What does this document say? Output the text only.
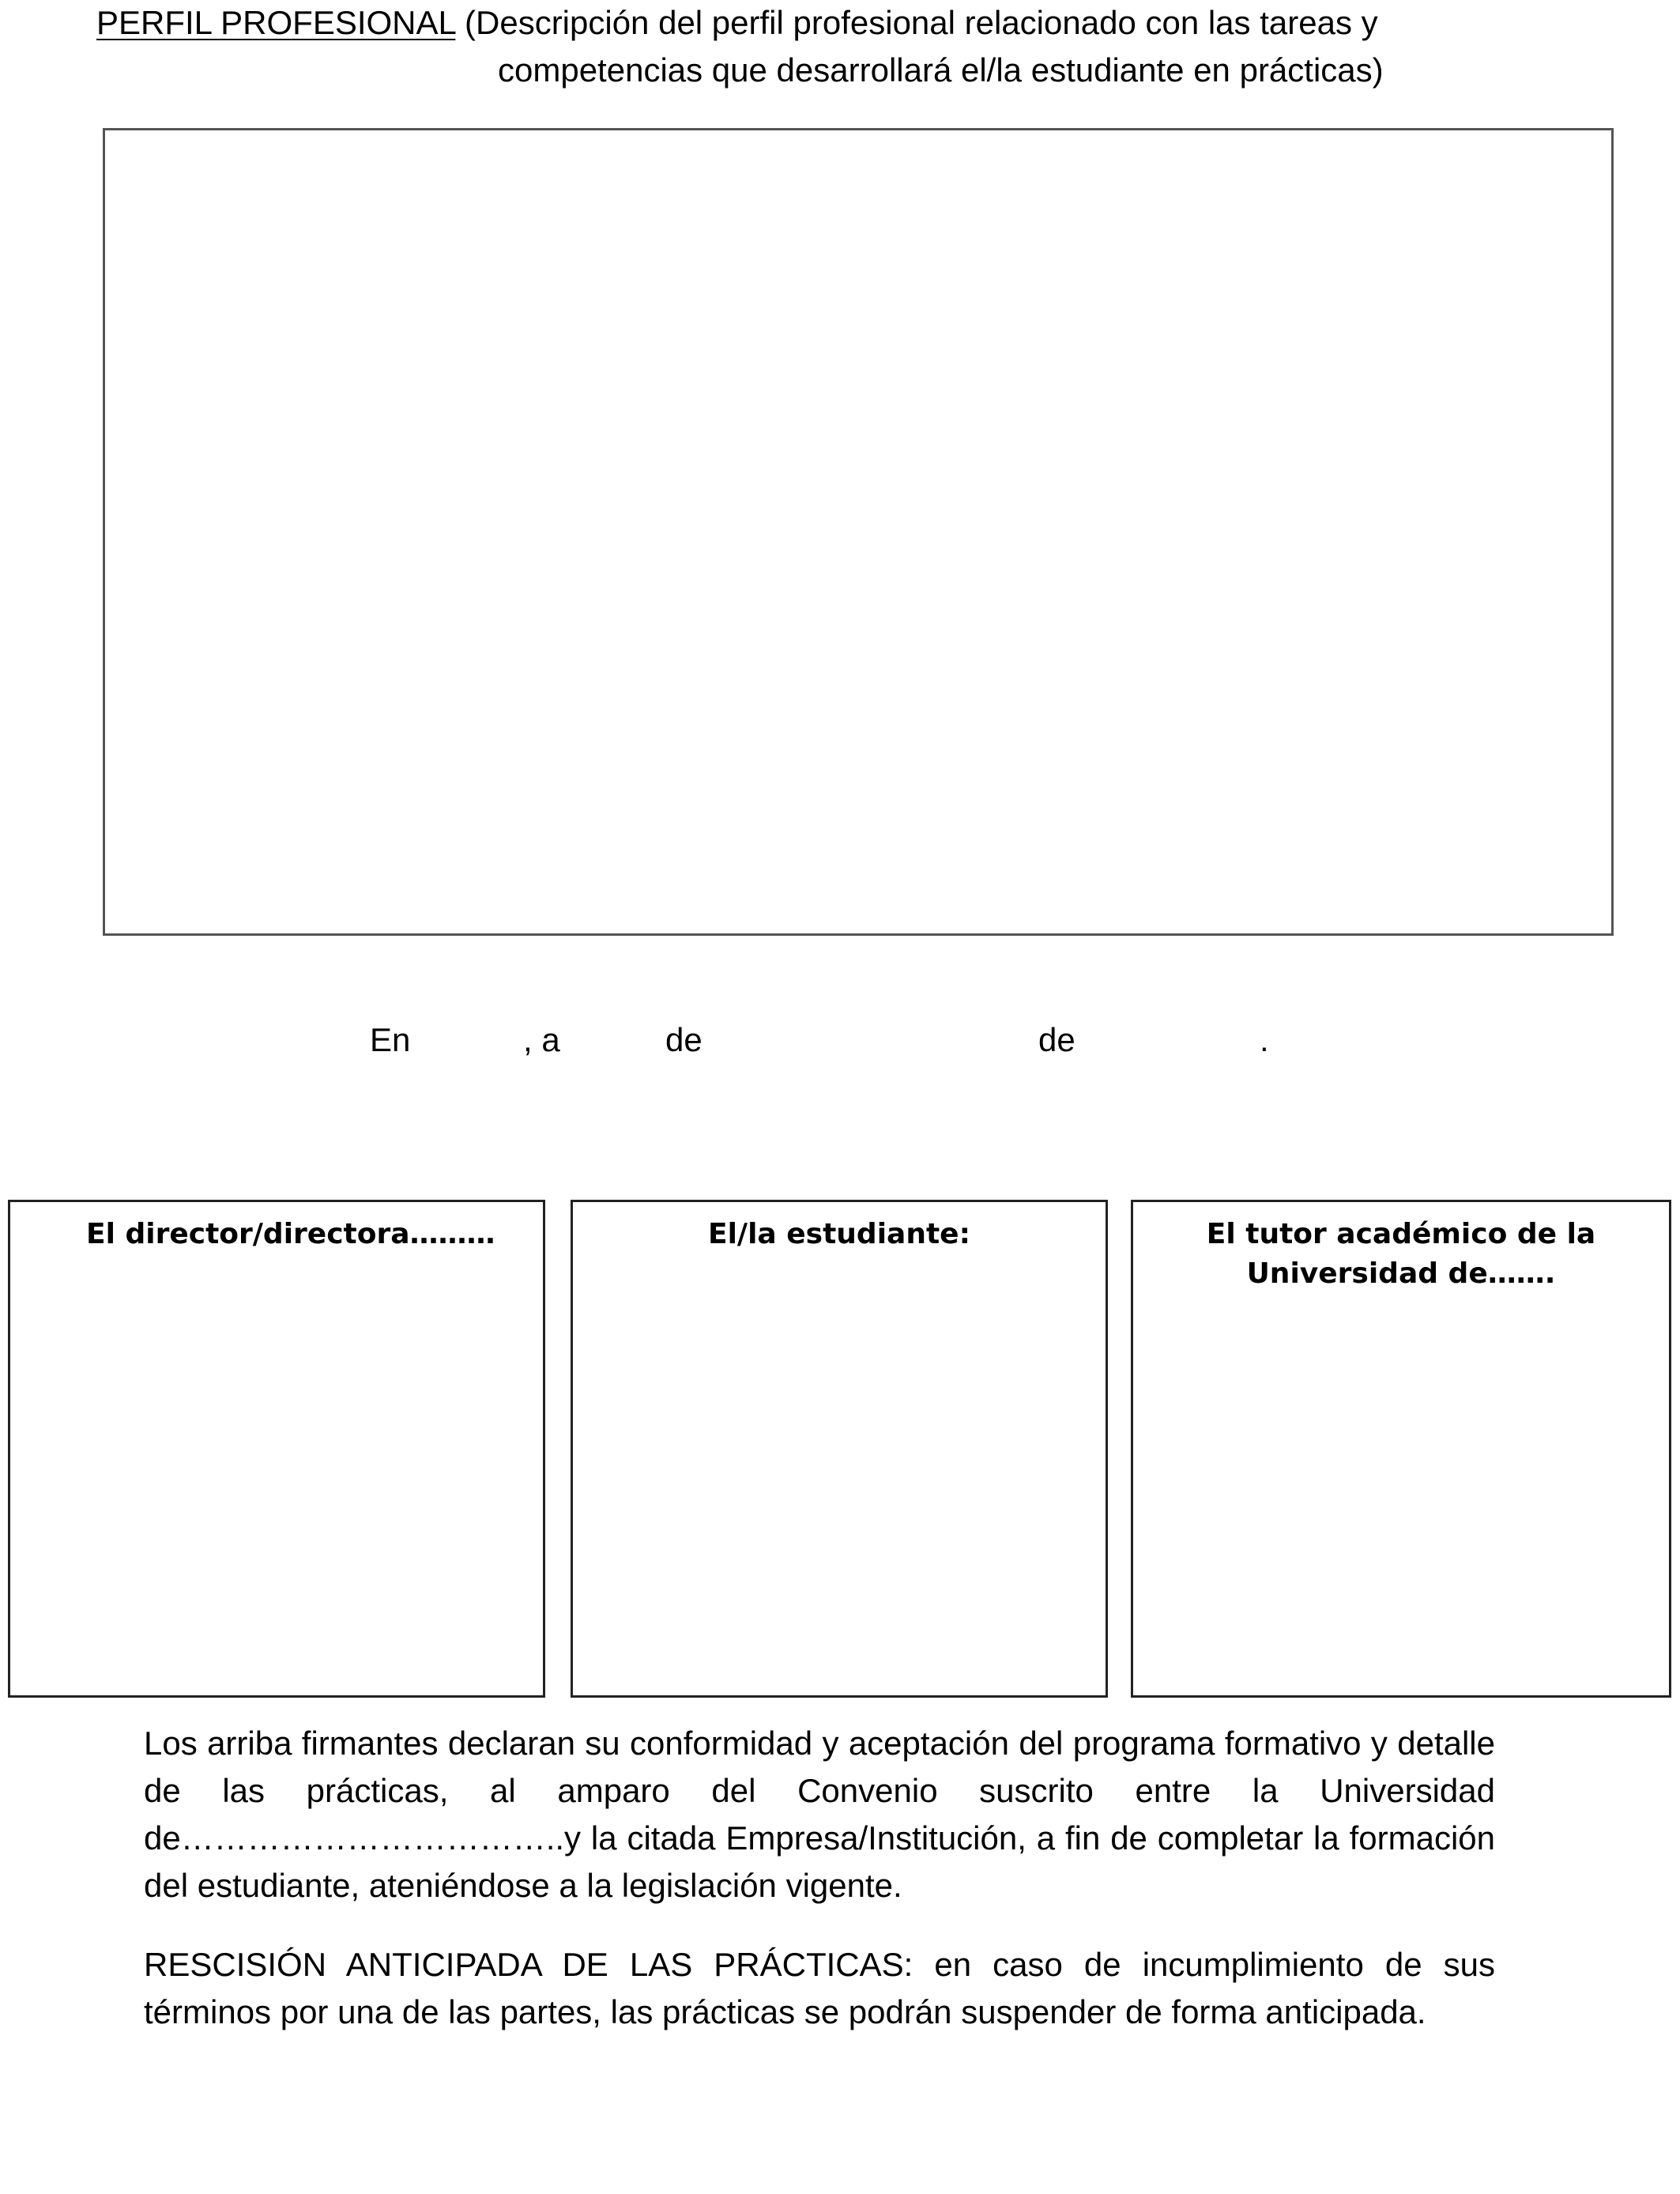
PERFIL PROFESIONAL (Descripción del perfil profesional relacionado con las tareas y
competencias que desarrollará el/la estudiante en prácticas)
En	, a	de	de	.
El director/directora………	El/la estudiante:	El tutor académico de la Universidad de…….
Los arriba firmantes declaran su conformidad y aceptación del programa formativo y detalle de las prácticas, al amparo del Convenio suscrito entre la Universidad de……………………………..y la citada Empresa/Institución, a fin de completar la formación del estudiante, ateniéndose a la legislación vigente.
RESCISIÓN ANTICIPADA DE LAS PRÁCTICAS: en caso de incumplimiento de sus términos por una de las partes, las prácticas se podrán suspender de forma anticipada.
